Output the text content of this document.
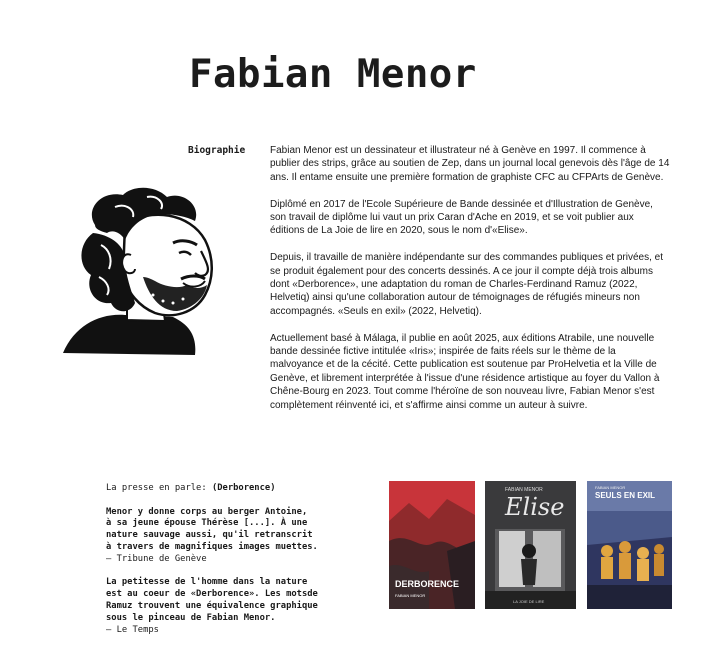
Fabian Menor
Biographie Fabian Menor est un dessinateur et illustrateur né à Genève en 1997. Il commence à publier des strips, grâce au soutien de Zep, dans un journal local genevois dès l'âge de 14 ans. Il entame ensuite une première formation de graphiste CFC au CFPArts de Genève.

Diplômé en 2017 de l'Ecole Supérieure de Bande dessinée et d'Illustration de Genève, son travail de diplôme lui vaut un prix Caran d'Ache en 2019, et se voit publier aux éditions de La Joie de lire en 2020, sous le nom d'«Elise».

Depuis, il travaille de manière indépendante sur des commandes publiques et privées, et se produit également pour des concerts dessinés. A ce jour il compte déjà trois albums dont «Derborence», une adaptation du roman de Charles-Ferdinand Ramuz (2022, Helvetiq) ainsi qu'une collaboration autour de témoignages de réfugiés mineurs non accompagnés. «Seuls en exil» (2022, Helvetiq).

Actuellement basé à Málaga, il publie en août 2025, aux éditions Atrabile, une nouvelle bande dessinée fictive intitulée «Iris»; inspirée de faits réels sur le thème de la malvoyance et de la cécité. Cette publication est soutenue par ProHelvetia et la Ville de Genève, et librement interprétée à l'issue d'une résidence artistique au foyer du Vallon à Chêne-Bourg en 2023. Tout comme l'héroïne de son nouveau livre, Fabian Menor s'est complètement réinventé ici, et s'affirme ainsi comme un auteur à suivre.

La presse en parle: (Derborence)

Menor y donne corps au berger Antoine,
à sa jeune épouse Thérèse [...]. À une
nature sauvage aussi, qu'il retranscrit
à travers de magnifiques images muettes.
— Tribune de Genève

La petitesse de l'homme dans la nature
est au coeur de «Derborence». Les motsde
Ramuz trouvent une équivalence graphique
sous le pinceau de Fabian Menor.
— Le Temps

DERBORENCE
FABIAN MENOR
FABIAN MENOR
Elise
LA JOIE DE LIRE
SEULS EN EXIL
FABIAN MENOR
